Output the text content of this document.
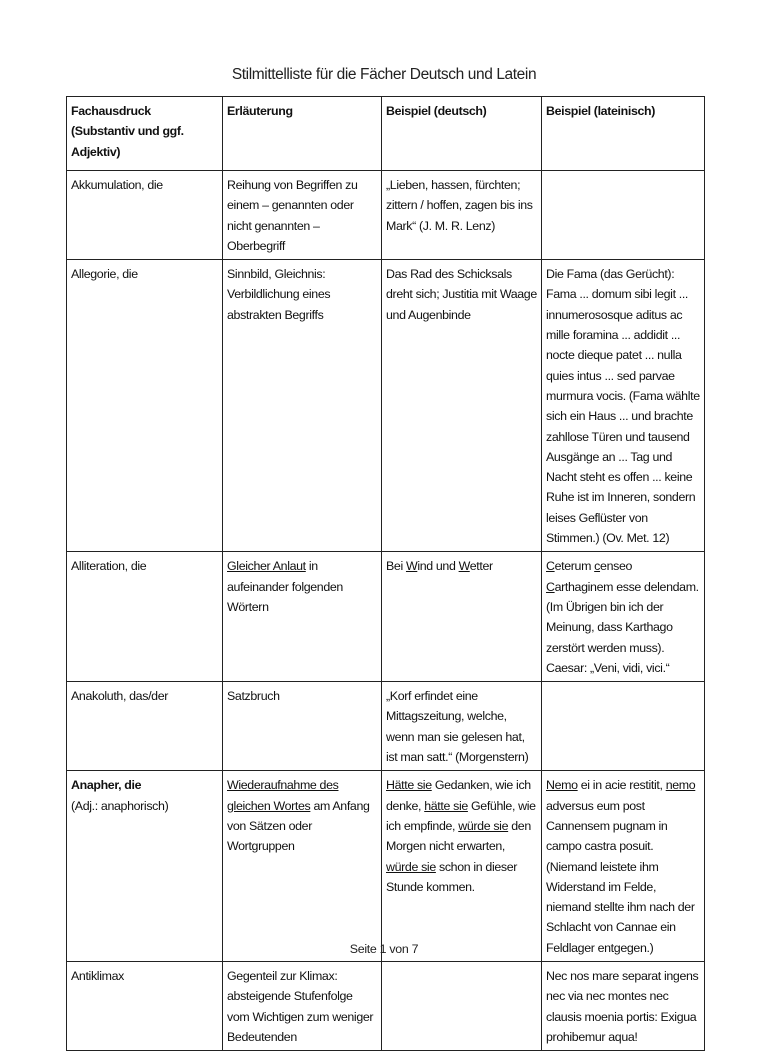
Stilmittelliste für die Fächer Deutsch und Latein
Fachausdruck
(Substantiv und ggf.
Adjektiv)	Erläuterung	Beispiel (deutsch)	Beispiel (lateinisch)
Akkumulation, die	Reihung von Begriffen zu einem – genannten oder nicht genannten – Oberbegriff	„Lieben, hassen, fürchten; zittern / hoffen, zagen bis ins Mark“ (J. M. R. Lenz)	
Allegorie, die	Sinnbild, Gleichnis: Verbildlichung eines abstrakten Begriffs	Das Rad des Schicksals dreht sich; Justitia mit Waage und Augenbinde	Die Fama (das Gerücht): Fama ... domum sibi legit ... innumerososque aditus ac mille foramina ... addidit ... nocte dieque patet ... nulla quies intus ... sed parvae murmura vocis. (Fama wählte sich ein Haus ... und brachte zahllose Türen und tausend Ausgänge an ... Tag und Nacht steht es offen ... keine Ruhe ist im Inneren, sondern leises Geflüster von Stimmen.) (Ov. Met. 12)
Alliteration, die	Gleicher Anlaut in aufeinander folgenden Wörtern	Bei Wind und Wetter	Ceterum censeo Carthaginem esse delendam.(Im Übrigen bin ich der Meinung, dass Karthago zerstört werden muss).
Caesar: „Veni, vidi, vici.“

Anakoluth, das/der	Satzbruch	„Korf erfindet eine Mittagszeitung, welche, wenn man sie gelesen hat, ist man satt.“ (Morgenstern)	

Anapher, die
(Adj.: anaphorisch)	Wiederaufnahme des gleichen Wortes am Anfang von Sätzen oder Wortgruppen	Hätte sie Gedanken, wie ich denke, hätte sie Gefühle, wie ich empfinde, würde sie den Morgen nicht erwarten, würde sie schon in dieser Stunde kommen.	Nemo ei in acie restitit, nemo adversus eum post Cannensem pugnam in campo castra posuit. (Niemand leistete ihm Widerstand im Felde, niemand stellte ihm nach der Schlacht von Cannae ein Feldlager entgegen.)
Antiklimax	Gegenteil zur Klimax: absteigende Stufenfolge vom Wichtigen zum weniger Bedeutenden		Nec nos mare separat ingens nec via nec montes nec clausis moenia portis: Exigua prohibemur aqua!
Seite 1 von 7
